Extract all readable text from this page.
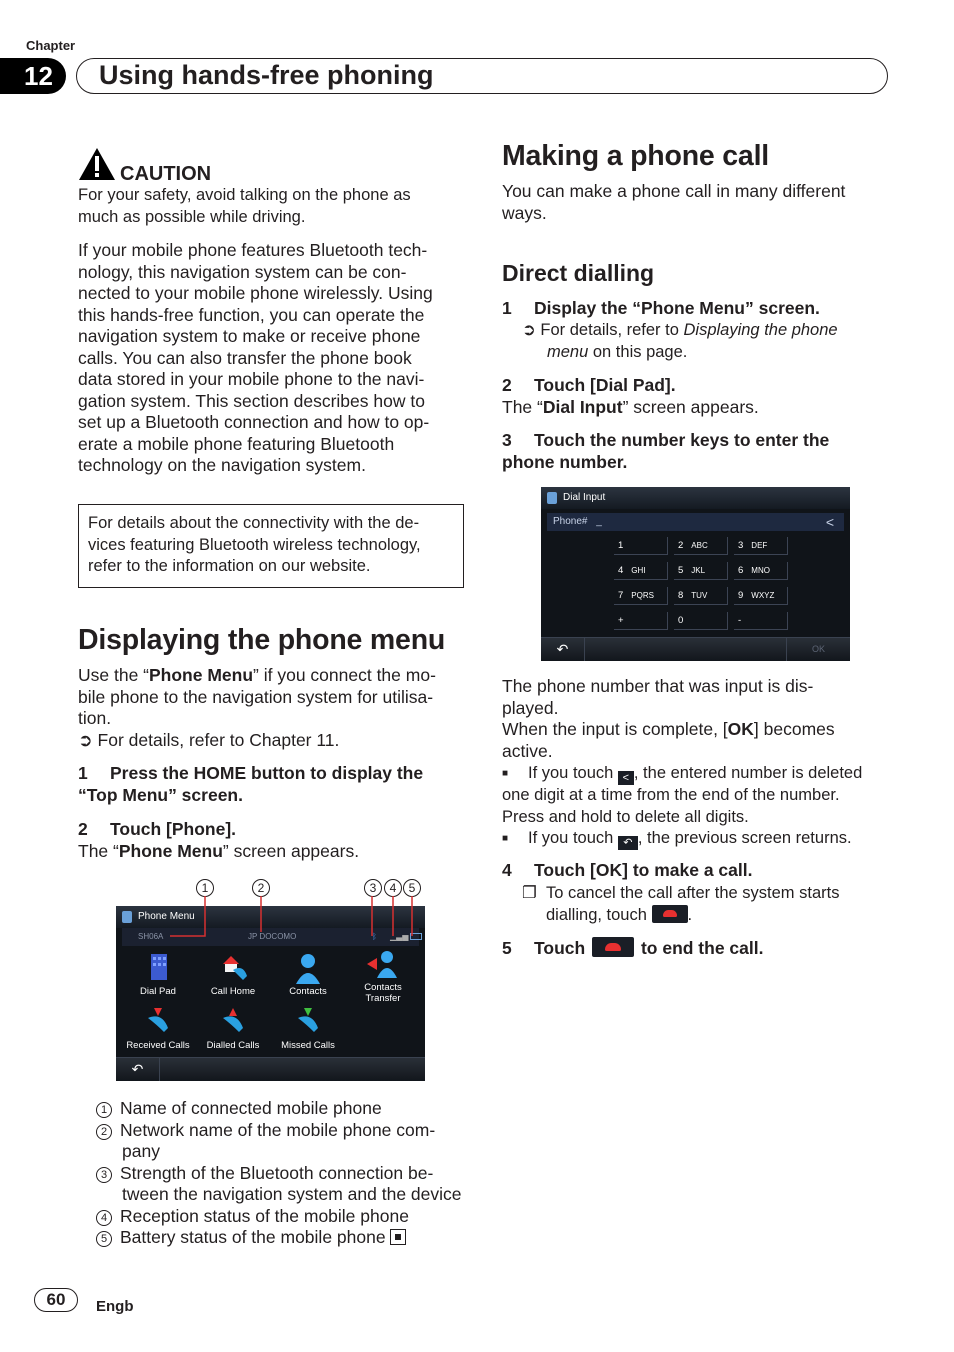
Chapter
12	Using hands-free phoning
CAUTION
For your safety, avoid talking on the phone as
much as possible while driving.
If your mobile phone features Bluetooth tech-
nology, this navigation system can be con-
nected to your mobile phone wirelessly. Using
this hands-free function, you can operate the
navigation system to make or receive phone
calls. You can also transfer the phone book
data stored in your mobile phone to the navi-
gation system. This section describes how to
set up a Bluetooth connection and how to op-
erate a mobile phone featuring Bluetooth
technology on the navigation system.
For details about the connectivity with the de-
vices featuring Bluetooth wireless technology,
refer to the information on our website.
Displaying the phone menu
Use the “Phone Menu” if you connect the mo-
bile phone to the navigation system for utilisa-
tion.
➲ For details, refer to Chapter 11.
1 Press the HOME button to display the
“Top Menu” screen.
2 Touch [Phone].
The “Phone Menu” screen appears.
1	2	3	4	5
Phone Menu
SH06A	JP DOCOMO	ᛒ ▁▃▅
Dial Pad	Call Home	Contacts	Contacts
Transfer
Received Calls	Dialled Calls	Missed Calls
↶
1 Name of connected mobile phone
2 Network name of the mobile phone com-
pany
3 Strength of the Bluetooth connection be-
tween the navigation system and the device
4 Reception status of the mobile phone
5 Battery status of the mobile phone
Making a phone call
You can make a phone call in many different
ways.
Direct dialling
1 Display the “Phone Menu” screen.
➲ For details, refer to Displaying the phone
menu on this page.
2 Touch [Dial Pad].
The “Dial Input” screen appears.
3 Touch the number keys to enter the
phone number.
Dial Input
Phone# _	<
1	2 ABC	3 DEF
4 GHI	5 JKL	6 MNO
7 PQRS	8 TUV	9 WXYZ
+	0	-
↶	OK
The phone number that was input is dis-
played.
When the input is complete, [OK] becomes
active.
■ If you touch < , the entered number is deleted
one digit at a time from the end of the number.
Press and hold to delete all digits.
■ If you touch ↶ , the previous screen returns.
4 Touch [OK] to make a call.
❐ To cancel the call after the system starts
dialling, touch .
5 Touch	to end the call.
60	Engb
